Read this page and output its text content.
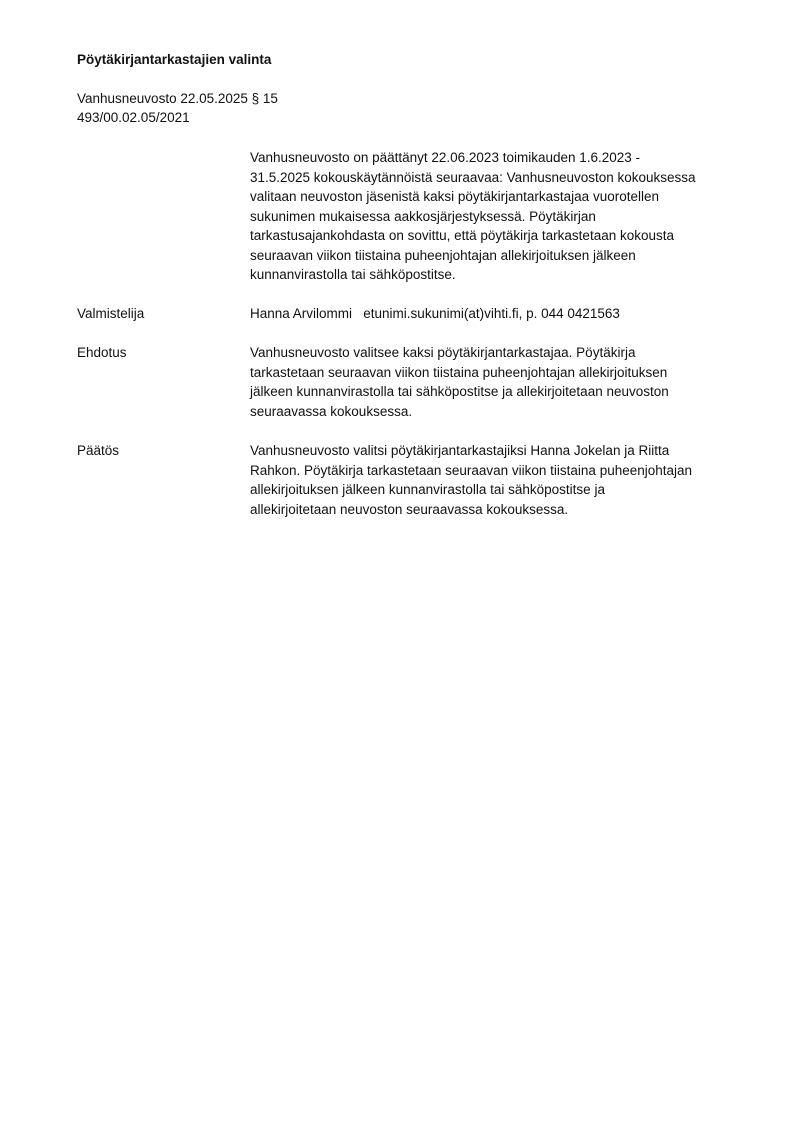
Pöytäkirjantarkastajien valinta

Vanhusneuvosto 22.05.2025 § 15

493/00.02.05/2021

Vanhusneuvosto on päättänyt 22.06.2023 toimikauden 1.6.2023 -
31.5.2025 kokouskäytännöistä seuraavaa: Vanhusneuvoston kokouksessa
valitaan neuvoston jäsenistä kaksi pöytäkirjantarkastajaa vuorotellen
sukunimen mukaisessa aakkosjärjestyksessä. Pöytäkirjan
tarkastusajankohdasta on sovittu, että pöytäkirja tarkastetaan kokousta
seuraavan viikon tiistaina puheenjohtajan allekirjoituksen jälkeen
kunnanvirastolla tai sähköpostitse.

Valmistelija	Hanna Arvilommi   etunimi.sukunimi(at)vihti.fi, p. 044 0421563

Ehdotus	Vanhusneuvosto valitsee kaksi pöytäkirjantarkastajaa. Pöytäkirja
tarkastetaan seuraavan viikon tiistaina puheenjohtajan allekirjoituksen
jälkeen kunnanvirastolla tai sähköpostitse ja allekirjoitetaan neuvoston
seuraavassa kokouksessa.

Päätös	Vanhusneuvosto valitsi pöytäkirjantarkastajiksi Hanna Jokelan ja Riitta
Rahkon. Pöytäkirja tarkastetaan seuraavan viikon tiistaina puheenjohtajan
allekirjoituksen jälkeen kunnanvirastolla tai sähköpostitse ja
allekirjoitetaan neuvoston seuraavassa kokouksessa.
